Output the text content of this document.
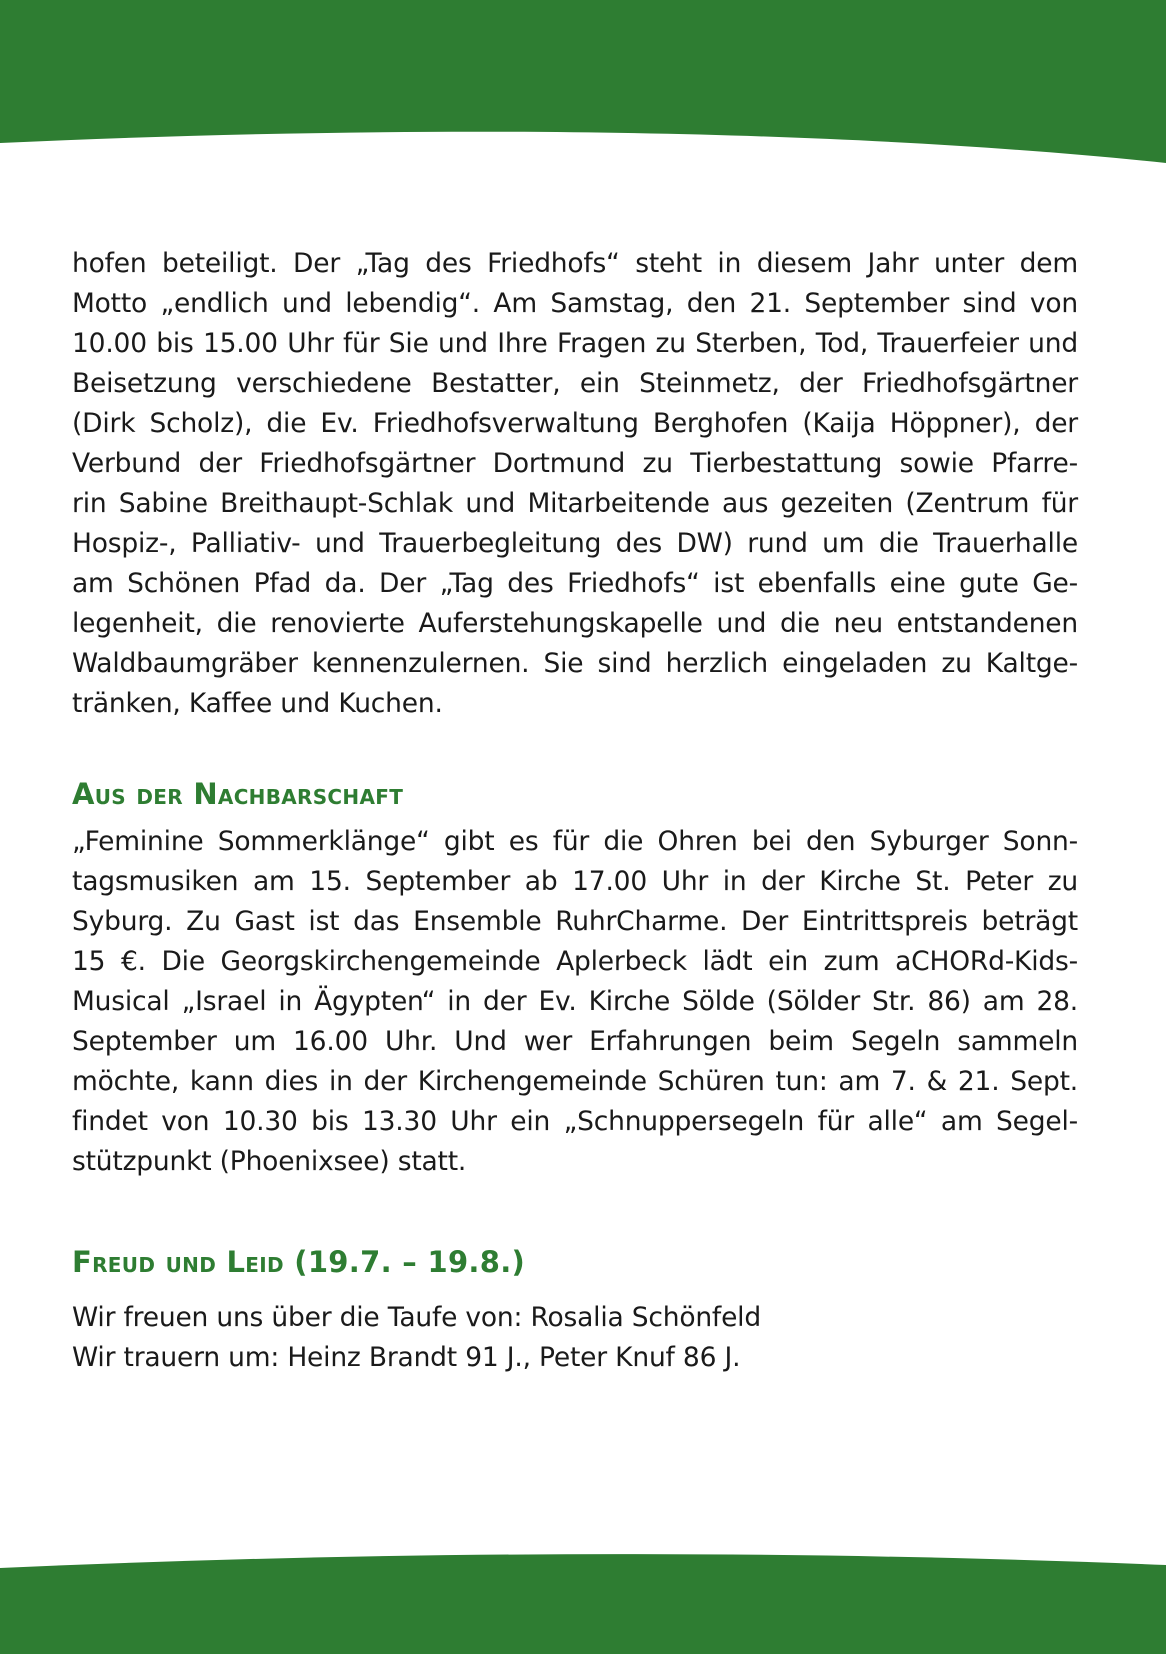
hofen beteiligt. Der „Tag des Friedhofs“ steht in diesem Jahr unter dem
Motto „endlich und lebendig“. Am Samstag, den 21. September sind von
10.00 bis 15.00 Uhr für Sie und Ihre Fragen zu Sterben, Tod, Trauerfeier und
Beisetzung verschiedene Bestatter, ein Steinmetz, der Friedhofsgärtner
(Dirk Scholz), die Ev. Friedhofsverwaltung Berghofen (Kaija Höppner), der
Verbund der Friedhofsgärtner Dortmund zu Tierbestattung sowie Pfarre-
rin Sabine Breithaupt-Schlak und Mitarbeitende aus gezeiten (Zentrum für
Hospiz-, Palliativ- und Trauerbegleitung des DW) rund um die Trauerhalle
am Schönen Pfad da. Der „Tag des Friedhofs“ ist ebenfalls eine gute Ge-
legenheit, die renovierte Auferstehungskapelle und die neu entstandenen
Waldbaumgräber kennenzulernen. Sie sind herzlich eingeladen zu Kaltge-
tränken, Kaffee und Kuchen.

Aus der Nachbarschaft

„Feminine Sommerklänge“ gibt es für die Ohren bei den Syburger Sonn-
tagsmusiken am 15. September ab 17.00 Uhr in der Kirche St. Peter zu
Syburg. Zu Gast ist das Ensemble RuhrCharme. Der Eintrittspreis beträgt
15 €. Die Georgskirchengemeinde Aplerbeck lädt ein zum aCHORd-Kids-
Musical „Israel in Ägypten“ in der Ev. Kirche Sölde (Sölder Str. 86) am 28.
September um 16.00 Uhr. Und wer Erfahrungen beim Segeln sammeln
möchte, kann dies in der Kirchengemeinde Schüren tun: am 7. & 21. Sept.
findet von 10.30 bis 13.30 Uhr ein „Schnuppersegeln für alle“ am Segel-
stützpunkt (Phoenixsee) statt.

Freud und Leid (19.7. – 19.8.)

Wir freuen uns über die Taufe von: Rosalia Schönfeld
Wir trauern um: Heinz Brandt 91 J., Peter Knuf 86 J.
